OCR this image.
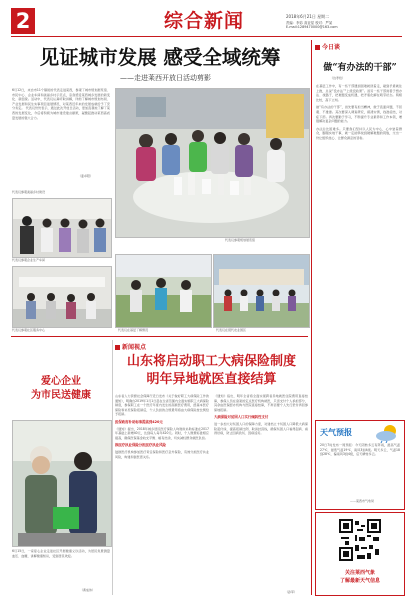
2	综合新闻	2018年6月21日 星期二
责编：李彩 高亚星 校对：严某
E-mail:1289470000@163.com
见证城市发展 感受全域统筹
——走进莱西开放日活动剪影
6月12日，来自市11个镇街的代表走进莱西，参观了城市规划展览馆、市民中心、企业车间和美丽乡村示范点，亲身感受莱西城乡发展的新变化、新面貌。活动中，代表们认真听取讲解，详细了解城市规划布局、产业发展和民生实事项目进展情况，对莱西近年来的发展成就给予了充分肯定。 代表们纷纷表示，通过此次开放日活动，更加直观地了解了莱西的发展变化，今后将积极为城市建设建言献策，凝聚起推动莱西高质量发展的强大合力。
（姜卓阳）
代表们参观规划展览馆
代表们参观企业生产车间
代表们参观社区服务中心	代表们在基层了解情况	代表们在现代农业园区
代表们参观美丽乡村建设
今日谈
做“有办法的干部”
（边孝柱）

在基层工作中，有一些干部遇到困难就绕着走，碰到矛盾就往上推，总说“没办法”“上级没政策”。而另一些干部则善于想办法、找路子，把难题变成机遇，把矛盾化解在萌芽状态。两相比较，高下立判。

做“有办法的干部”，首先要有担当精神，敢于直面问题，不回避、不推诿。其次要深入调查研究，摸清实情，找准症结，对症下药。再次要勤于学习，不断提升专业素养和工作本领，增强解决复杂问题的能力。

办法总比困难多。只要我们坚持以人民为中心，心中装着群众，脚踏实地干事，就一定能够找到破解难题的钥匙，交出一份让组织放心、让群众满意的答卷。

新闻视点
山东将启动职工大病保险制度
明年异地就医直接结算

山东省人力资源社会保障厅近日发布《关于做好职工大病保险工作的通知》，明确自2019年1月1日起在全省范围内全面实施职工大病保险制度，参保职工在一个医疗年度内发生的高额医疗费用，经基本医疗保险和补充保险报销后，个人负担的合规费用将由大病保险按比例给予报销。

医保政府补助标准提高到420元

《通知》提出，2018年城乡居民医疗保险人均财政补助标准在2017年基础上新增40元，达到每人每年420元。同时，个人缴费标准相应提高，确保医保基金收支平衡、略有结余，切实减轻群众就医负担。

推医疗执业保险分担医疗执业风险

鼓励医疗机构参加医疗责任保险和医疗意外保险，有效分担医疗执业风险，构建和谐医患关系。

《通知》指出，明年全省将全面实现跨省异地就医住院费用直接结算，参保人员在备案的定点医疗机构就医，只需支付个人承担部分，其余由医保经办机构与医院直接结算，不再需要个人先行垫付再回参保地报销。

大病保险对贫困人口实行倾斜性支付

进一步加大对贫困人口的保障力度，对建档立卡贫困人口降低大病保险起付线、提高报销比例、取消封顶线，确保贫困人口看得起病、看得好病，防止因病致贫、因病返贫。

（孙军）
爱心企业
为市民送健康
6月15日，一家爱心企业走进社区开展健康义诊活动，为居民免费测量血压、血糖，讲解健康知识，受到居民欢迎。
（黄成伟）
天气预报
20日7时发布一周预报：今天阴转多云有阵雨，最高气温27℃，最低气温19℃，南风3到4级。明天多云，气温18到28℃，偏南风3到4级，后天晴转多云。
——莱西市气象局
关注莱西气象
了解最新天气信息
